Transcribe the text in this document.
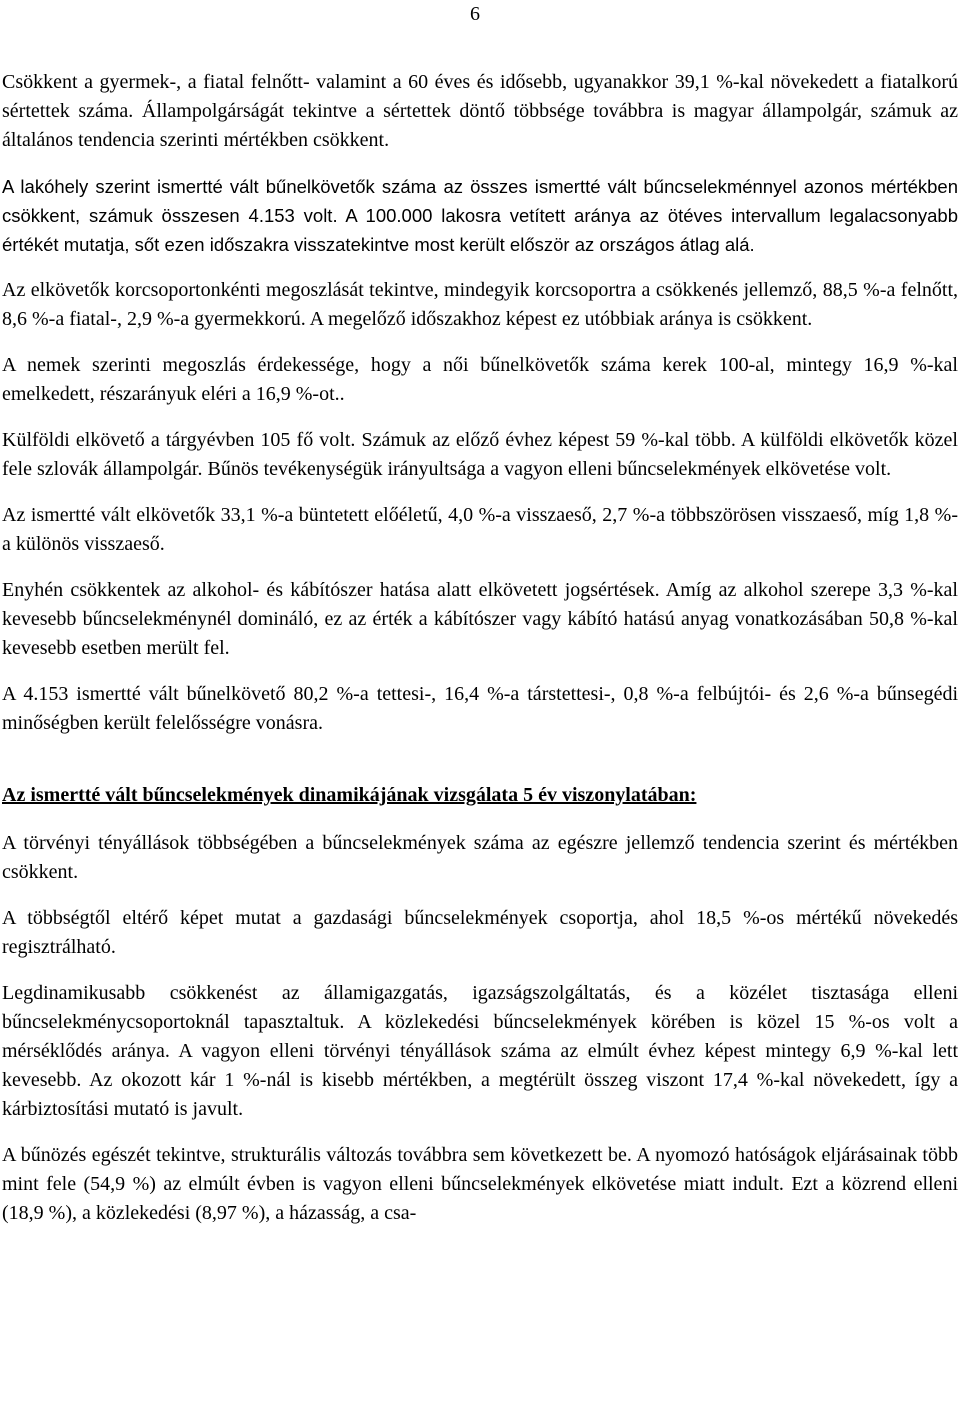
6

Csökkent a gyermek-, a fiatal felnőtt- valamint a 60 éves és idősebb, ugyanakkor 39,1 %-kal növekedett a fiatalkorú sértettek száma. Állampolgárságát tekintve a sértettek döntő többsége továbbra is magyar állampolgár, számuk az általános tendencia szerinti mértékben csökkent.

A lakóhely szerint ismertté vált bűnelkövetők száma az összes ismertté vált bűncselekménnyel azonos mértékben csökkent, számuk összesen 4.153 volt. A 100.000 lakosra vetített aránya az ötéves intervallum legalacsonyabb értékét mutatja, sőt ezen időszakra visszatekintve most került először az országos átlag alá.

Az elkövetők korcsoportonkénti megoszlását tekintve, mindegyik korcsoportra a csökkenés jellemző, 88,5 %-a felnőtt, 8,6 %-a fiatal-, 2,9 %-a gyermekkorú. A megelőző időszakhoz képest ez utóbbiak aránya is csökkent.

A nemek szerinti megoszlás érdekessége, hogy a női bűnelkövetők száma kerek 100-al, mintegy 16,9 %-kal emelkedett, részarányuk eléri a 16,9 %-ot..

Külföldi elkövető a tárgyévben 105 fő volt. Számuk az előző évhez képest 59 %-kal több. A külföldi elkövetők közel fele szlovák állampolgár. Bűnös tevékenységük irányultsága a vagyon elleni bűncselekmények elkövetése volt.

Az ismertté vált elkövetők 33,1 %-a büntetett előéletű, 4,0 %-a visszaeső, 2,7 %-a többszörösen visszaeső, míg 1,8 %-a különös visszaeső.

Enyhén csökkentek az alkohol- és kábítószer hatása alatt elkövetett jogsértések. Amíg az alkohol szerepe 3,3 %-kal kevesebb bűncselekménynél domináló, ez az érték a kábítószer vagy kábító hatású anyag vonatkozásában 50,8 %-kal kevesebb esetben merült fel.

A 4.153 ismertté vált bűnelkövető 80,2 %-a tettesi-, 16,4 %-a társtettesi-, 0,8 %-a felbújtói- és 2,6 %-a bűnsegédi minőségben került felelősségre vonásra.

Az ismertté vált bűncselekmények dinamikájának vizsgálata 5 év viszonylatában:

A törvényi tényállások többségében a bűncselekmények száma az egészre jellemző tendencia szerint és mértékben csökkent.

A többségtől eltérő képet mutat a gazdasági bűncselekmények csoportja, ahol 18,5 %-os mértékű növekedés regisztrálható.

Legdinamikusabb csökkenést az államigazgatás, igazságszolgáltatás, és a közélet tisztasága elleni bűncselekménycsoportoknál tapasztaltuk. A közlekedési bűncselekmények körében is közel 15 %-os volt a mérséklődés aránya. A vagyon elleni törvényi tényállások száma az elmúlt évhez képest mintegy 6,9 %-kal lett kevesebb. Az okozott kár 1 %-nál is kisebb mértékben, a megtérült összeg viszont 17,4 %-kal növekedett, így a kárbiztosítási mutató is javult.

A bűnözés egészét tekintve, strukturális változás továbbra sem következett be. A nyomozó hatóságok eljárásainak több mint fele (54,9 %) az elmúlt évben is vagyon elleni bűncselekmények elkövetése miatt indult. Ezt a közrend elleni (18,9 %), a közlekedési (8,97 %), a házasság, a csa-
